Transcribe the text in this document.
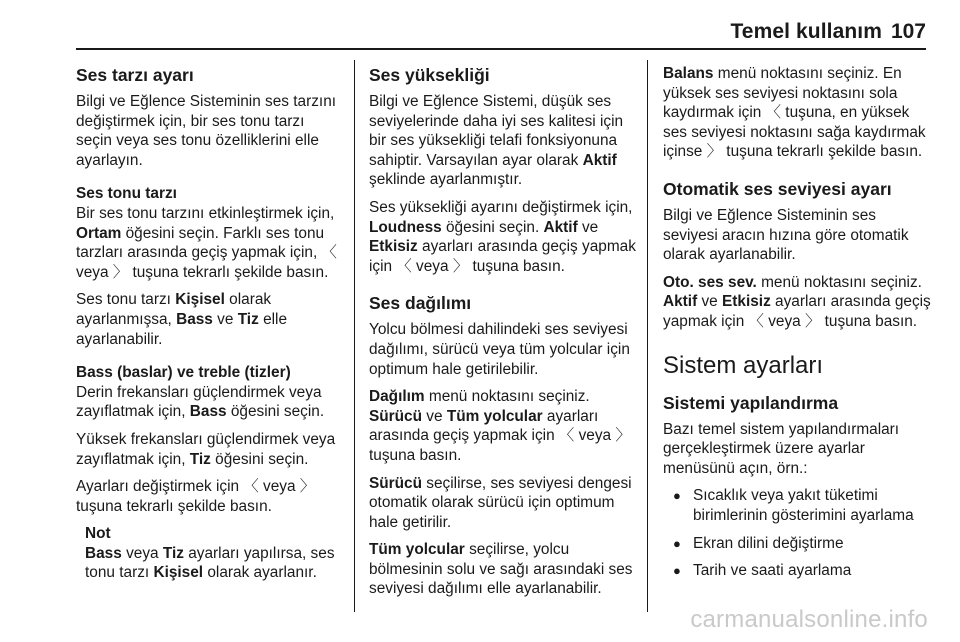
Temel kullanım 107
Ses tarzı ayarı

Bilgi ve Eğlence Sisteminin ses tarzını değiştirmek için, bir ses tonu tarzı seçin veya ses tonu özelliklerini elle ayarlayın.

Ses tonu tarzı

Bir ses tonu tarzını etkinleştirmek için, Ortam öğesini seçin. Farklı ses tonu tarzları arasında geçiş yapmak için, 〈 veya 〉 tuşuna tekrarlı şekilde basın.

Ses tonu tarzı Kişisel olarak ayarlanmışsa, Bass ve Tiz elle ayarlanabilir.

Bass (baslar) ve treble (tizler)

Derin frekansları güçlendirmek veya zayıflatmak için, Bass öğesini seçin.

Yüksek frekansları güçlendirmek veya zayıflatmak için, Tiz öğesini seçin.

Ayarları değiştirmek için 〈 veya 〉 tuşuna tekrarlı şekilde basın.

Not
Bass veya Tiz ayarları yapılırsa, ses tonu tarzı Kişisel olarak ayarlanır.
Ses yüksekliği

Bilgi ve Eğlence Sistemi, düşük ses seviyelerinde daha iyi ses kalitesi için bir ses yüksekliği telafi fonksiyonuna sahiptir. Varsayılan ayar olarak Aktif şeklinde ayarlanmıştır.

Ses yüksekliği ayarını değiştirmek için, Loudness öğesini seçin. Aktif ve Etkisiz ayarları arasında geçiş yapmak için 〈 veya 〉 tuşuna basın.

Ses dağılımı

Yolcu bölmesi dahilindeki ses seviyesi dağılımı, sürücü veya tüm yolcular için optimum hale getirilebilir.

Dağılım menü noktasını seçiniz. Sürücü ve Tüm yolcular ayarları arasında geçiş yapmak için 〈 veya 〉 tuşuna basın.

Sürücü seçilirse, ses seviyesi dengesi otomatik olarak sürücü için optimum hale getirilir.

Tüm yolcular seçilirse, yolcu bölmesinin solu ve sağı arasındaki ses seviyesi dağılımı elle ayarlanabilir.

Balans menü noktasını seçiniz. En yüksek ses seviyesi noktasını sola kaydırmak için 〈 tuşuna, en yüksek ses seviyesi noktasını sağa kaydırmak içinse 〉 tuşuna tekrarlı şekilde basın.

Otomatik ses seviyesi ayarı

Bilgi ve Eğlence Sisteminin ses seviyesi aracın hızına göre otomatik olarak ayarlanabilir.

Oto. ses sev. menü noktasını seçiniz. Aktif ve Etkisiz ayarları arasında geçiş yapmak için 〈 veya 〉 tuşuna basın.

Sistem ayarları
Sistemi yapılandırma

Bazı temel sistem yapılandırmaları gerçekleştirmek üzere ayarlar menüsünü açın, örn.:

● Sıcaklık veya yakıt tüketimi birimlerinin gösterimini ayarlama
● Ekran dilini değiştirme
● Tarih ve saati ayarlama
carmanualsonline.info
